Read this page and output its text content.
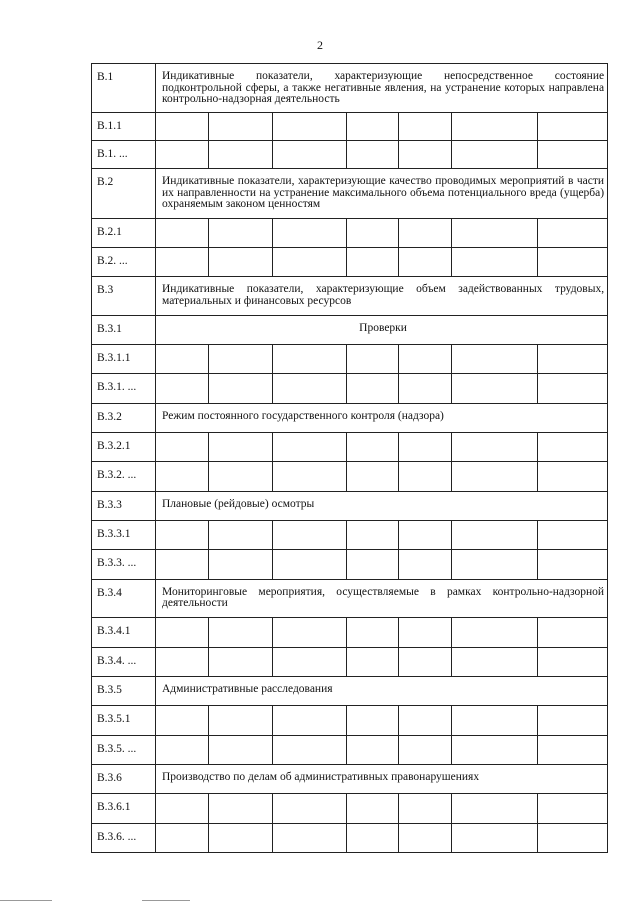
2
В.1	Индикативные показатели, характеризующие непосредственное состояние подконтрольной сферы, а также негативные явления, на устранение которых направлена контрольно-надзорная деятельность						
В.1.1							
В.1. ...							
В.2	Индикативные показатели, характеризующие качество проводимых мероприятий в части их направленности на устранение максимального объема потенциального вреда (ущерба) охраняемым законом ценностям						
В.2.1							
В.2. ...							
В.3	Индикативные показатели, характеризующие объем задействованных трудовых, материальных и финансовых ресурсов						
В.3.1	Проверки						
В.3.1.1							
В.3.1. ...							
В.3.2	Режим постоянного государственного контроля (надзора)						
В.3.2.1							
В.3.2. ...							
В.3.3	Плановые (рейдовые) осмотры						
В.3.3.1							
В.3.3. ...							
В.3.4	Мониторинговые мероприятия, осуществляемые в рамках контрольно-надзорной деятельности						
В.3.4.1							
В.3.4. ...							
В.3.5	Административные расследования						
В.3.5.1							
В.3.5. ...							
В.3.6	Производство по делам об административных правонарушениях						
В.3.6.1							
В.3.6. ...							
